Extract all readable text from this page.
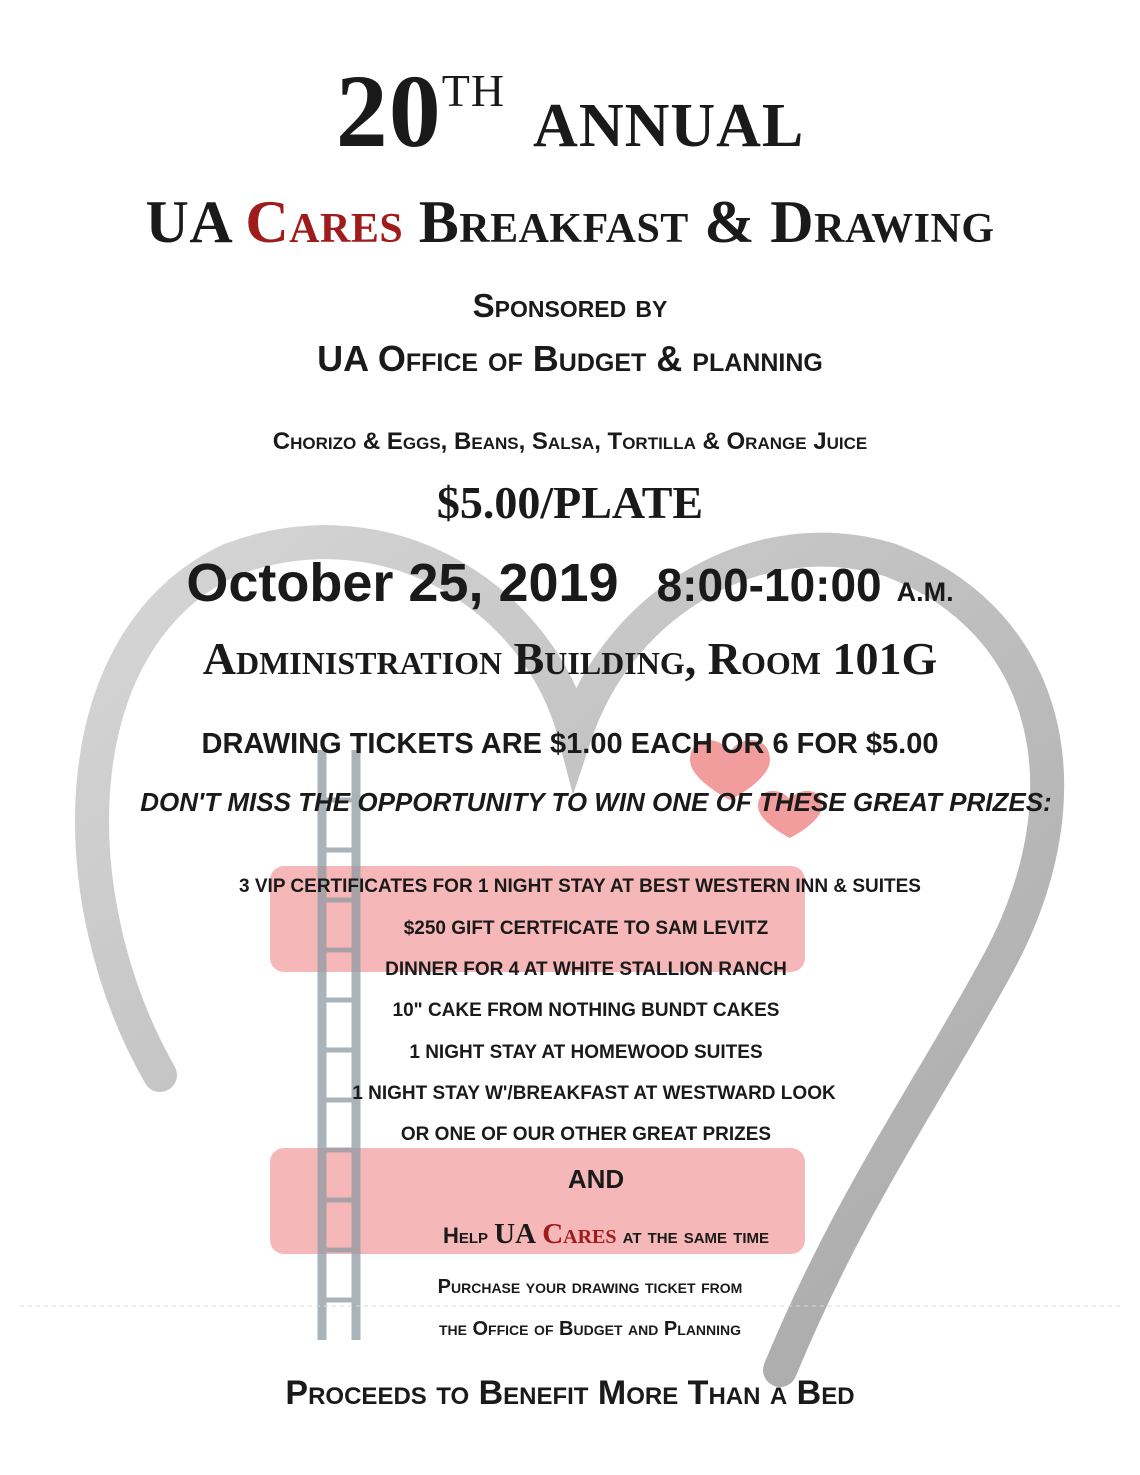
20THANNUAL
UA Cares Breakfast & Drawing
Sponsored by
UA Office of Budget & planning
Chorizo & Eggs, Beans, Salsa, Tortilla & Orange Juice
$5.00/PLATE
October 25, 2019 8:00-10:00 A.M.
Administration Building, Room 101G
DRAWING TICKETS ARE $1.00 EACH OR 6 FOR $5.00
DON'T MISS THE OPPORTUNITY TO WIN ONE OF THESE GREAT PRIZES:
3 VIP CERTIFICATES FOR 1 NIGHT STAY AT BEST WESTERN INN & SUITES
$250 GIFT CERTFICATE TO SAM LEVITZ
DINNER FOR 4 AT WHITE STALLION RANCH
10" CAKE FROM NOTHING BUNDT CAKES
1 NIGHT STAY AT HOMEWOOD SUITES
1 NIGHT STAY W'/BREAKFAST AT WESTWARD LOOK
OR ONE OF OUR OTHER GREAT PRIZES
AND
Help UA Cares at the same time
Purchase your drawing ticket from
the Office of Budget and Planning
Proceeds to Benefit More Than a Bed
